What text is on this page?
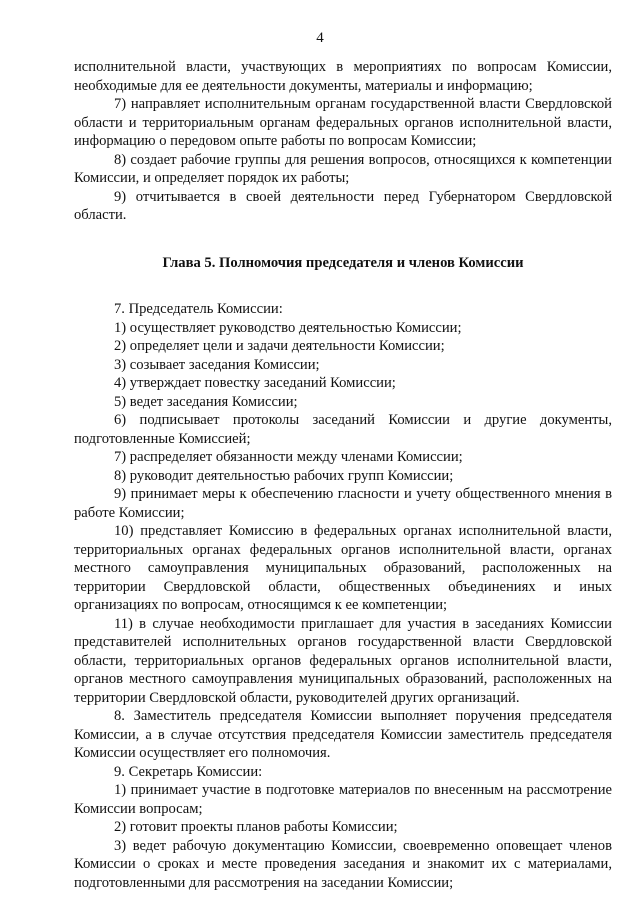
4

исполнительной власти, участвующих в мероприятиях по вопросам Комиссии, необходимые для ее деятельности документы, материалы и информацию;

7) направляет исполнительным органам государственной власти Свердловской области и территориальным органам федеральных органов исполнительной власти, информацию о передовом опыте работы по вопросам Комиссии;

8) создает рабочие группы для решения вопросов, относящихся к компетенции Комиссии, и определяет порядок их работы;

9) отчитывается в своей деятельности перед Губернатором Свердловской области.

Глава 5. Полномочия председателя и членов Комиссии

7. Председатель Комиссии:

1) осуществляет руководство деятельностью Комиссии;

2) определяет цели и задачи деятельности Комиссии;

3) созывает заседания Комиссии;

4) утверждает повестку заседаний Комиссии;

5) ведет заседания Комиссии;

6) подписывает протоколы заседаний Комиссии и другие документы, подготовленные Комиссией;

7) распределяет обязанности между членами Комиссии;

8) руководит деятельностью рабочих групп Комиссии;

9) принимает меры к обеспечению гласности и учету общественного мнения в работе Комиссии;

10) представляет Комиссию в федеральных органах исполнительной власти, территориальных органах федеральных органов исполнительной власти, органах местного самоуправления муниципальных образований, расположенных на территории Свердловской области, общественных объединениях и иных организациях по вопросам, относящимся к ее компетенции;

11) в случае необходимости приглашает для участия в заседаниях Комиссии представителей исполнительных органов государственной власти Свердловской области, территориальных органов федеральных органов исполнительной власти, органов местного самоуправления муниципальных образований, расположенных на территории Свердловской области, руководителей других организаций.

8. Заместитель председателя Комиссии выполняет поручения председателя Комиссии, а в случае отсутствия председателя Комиссии заместитель председателя Комиссии осуществляет его полномочия.

9. Секретарь Комиссии:

1) принимает участие в подготовке материалов по внесенным на рассмотрение Комиссии вопросам;

2) готовит проекты планов работы Комиссии;

3) ведет рабочую документацию Комиссии, своевременно оповещает членов Комиссии о сроках и месте проведения заседания и знакомит их с материалами, подготовленными для рассмотрения на заседании Комиссии;
